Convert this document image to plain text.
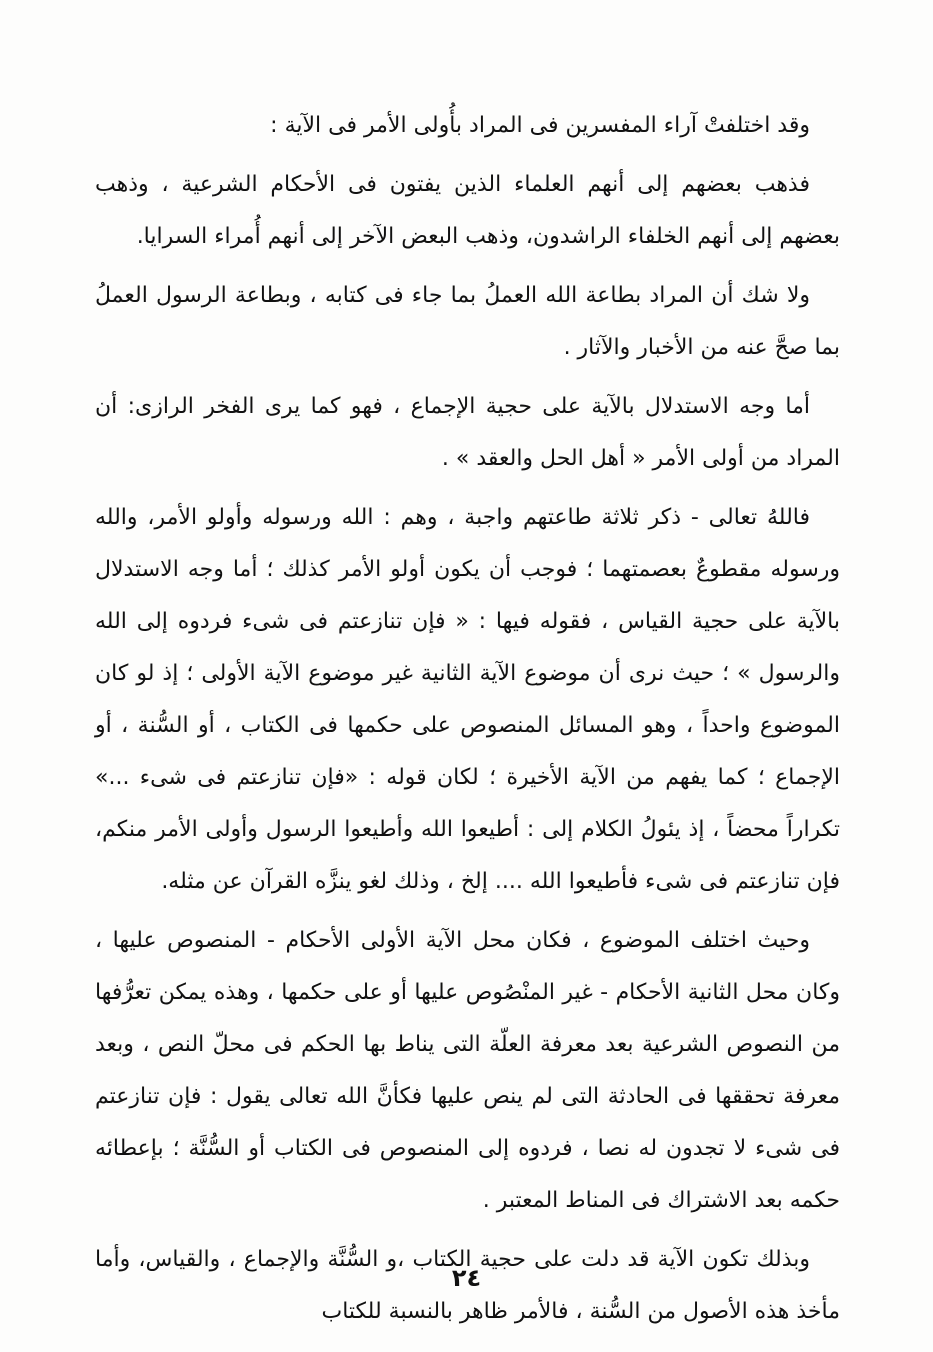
وقد اختلفتْ آراء المفسرين فى المراد بأُولى الأمر فى الآية :

فذهب بعضهم إلى أنهم العلماء الذين يفتون فى الأحكام الشرعية ، وذهب بعضهم إلى أنهم الخلفاء الراشدون، وذهب البعض الآخر إلى أنهم أُمراء السرايا.

ولا شك أن المراد بطاعة الله العملُ بما جاء فى كتابه ، وبطاعة الرسول العملُ بما صحَّ عنه من الأخبار والآثار .

أما وجه الاستدلال بالآية على حجية الإجماع ، فهو كما يرى الفخر الرازى: أن المراد من أولى الأمر « أهل الحل والعقد » .

فاللهُ تعالى - ذكر ثلاثة طاعتهم واجبة ، وهم : الله ورسوله وأولو الأمر، والله ورسوله مقطوعٌ بعصمتهما ؛ فوجب أن يكون أولو الأمر كذلك ؛ أما وجه الاستدلال بالآية على حجية القياس ، فقوله فيها : « فإن تنازعتم فى شىء فردوه إلى الله والرسول » ؛ حيث نرى أن موضوع الآية الثانية غير موضوع الآية الأولى ؛ إذ لو كان الموضوع واحداً ، وهو المسائل المنصوص على حكمها فى الكتاب ، أو السُّنة ، أو الإجماع ؛ كما يفهم من الآية الأخيرة ؛ لكان قوله : «فإن تنازعتم فى شىء ...» تكراراً محضاً ، إذ يئولُ الكلام إلى : أطيعوا الله وأطيعوا الرسول وأولى الأمر منكم، فإن تنازعتم فى شىء فأطيعوا الله .... إلخ ، وذلك لغو ينزَّه القرآن عن مثله.

وحيث اختلف الموضوع ، فكان محل الآية الأولى الأحكام - المنصوص عليها ، وكان محل الثانية الأحكام - غير المنْصُوص عليها أو على حكمها ، وهذه يمكن تعرُّفها من النصوص الشرعية بعد معرفة العلّة التى يناط بها الحكم فى محلّ النص ، وبعد معرفة تحققها فى الحادثة التى لم ينص عليها فكأنَّ الله تعالى يقول : فإن تنازعتم فى شىء لا تجدون له نصا ، فردوه إلى المنصوص فى الكتاب أو السُّنَّة ؛ بإعطائه حكمه بعد الاشتراك فى المناط المعتبر .

وبذلك تكون الآية قد دلت على حجية الكتاب ،و السُّنَّة والإجماع ، والقياس، وأما مأخذ هذه الأصول من السُّنة ، فالأمر ظاهر بالنسبة للكتاب

٢٤
